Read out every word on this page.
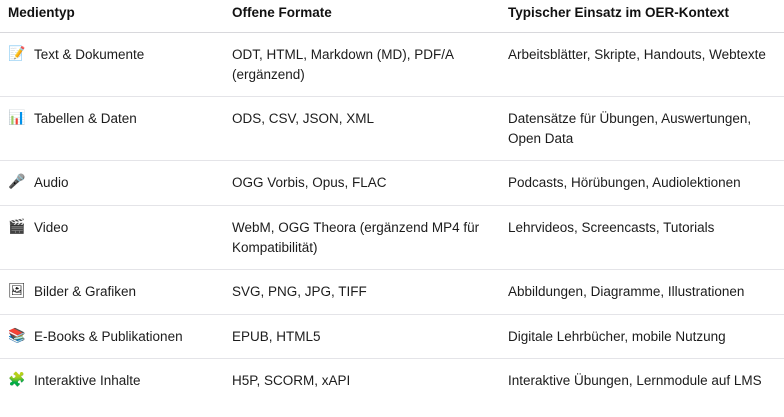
Medientyp	Offene Formate	Typischer Einsatz im OER-Kontext

📝 Text & Dokumente	ODT, HTML, Markdown (MD), PDF/A (ergänzend)	Arbeitsblätter, Skripte, Handouts, Webtexte

📊 Tabellen & Daten	ODS, CSV, JSON, XML	Datensätze für Übungen, Auswertungen, Open Data

🎤 Audio	OGG Vorbis, Opus, FLAC	Podcasts, Hörübungen, Audiolektionen

🎬 Video	WebM, OGG Theora (ergänzend MP4 für Kompatibilität)	Lehrvideos, Screencasts, Tutorials

🖼 Bilder & Grafiken	SVG, PNG, JPG, TIFF	Abbildungen, Diagramme, Illustrationen

📚 E-Books & Publikationen	EPUB, HTML5	Digitale Lehrbücher, mobile Nutzung

🧩 Interaktive Inhalte	H5P, SCORM, xAPI	Interaktive Übungen, Lernmodule auf LMS
